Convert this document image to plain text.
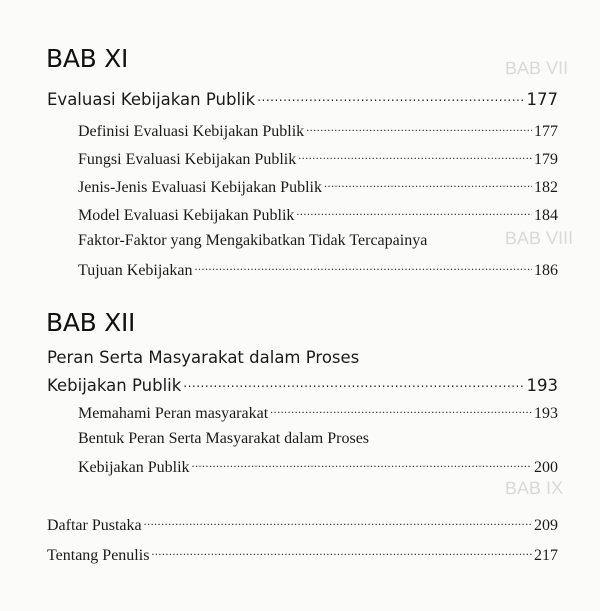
BAB VII
BAB VIII
BAB IX
BAB XI
Evaluasi Kebijakan Publik .....	177
Definisi Evaluasi Kebijakan Publik .....	177
Fungsi Evaluasi Kebijakan Publik .....	179
Jenis-Jenis Evaluasi Kebijakan Publik .....	182
Model Evaluasi Kebijakan Publik .....	184
Faktor-Faktor yang Mengakibatkan Tidak Tercapainya
Tujuan Kebijakan .....	186
BAB XII
Peran Serta Masyarakat dalam Proses
Kebijakan Publik .....	193
Memahami Peran masyarakat .....	193
Bentuk Peran Serta Masyarakat dalam Proses
Kebijakan Publik .....	200
Daftar Pustaka .....	209
Tentang Penulis .....	217
